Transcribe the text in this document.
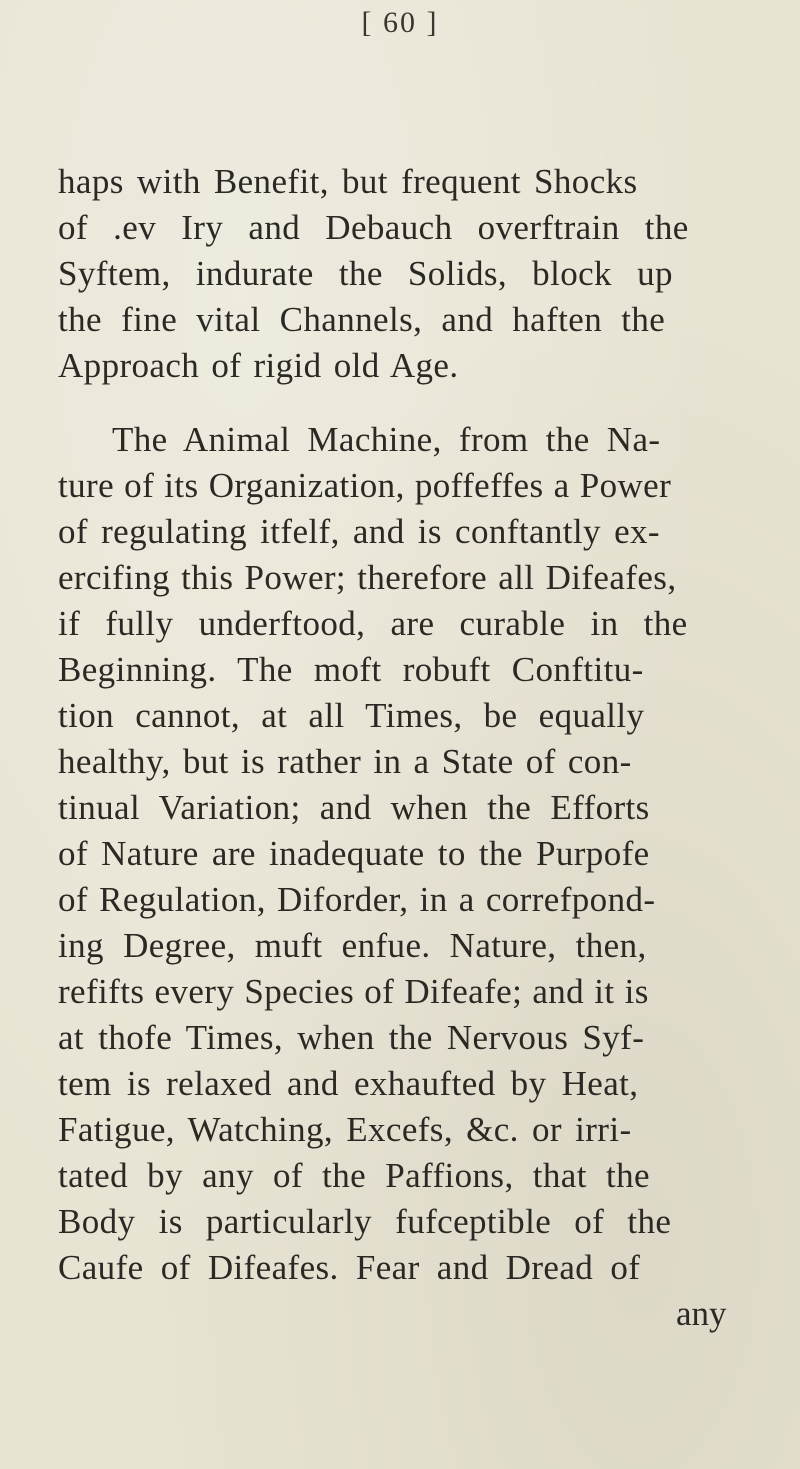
[ 60 ]
haps with Benefit, but frequent Shocks
of .ev Iry and Debauch overftrain the
Syftem, indurate the Solids, block up
the fine vital Channels, and haften the
Approach of rigid old Age.
The Animal Machine, from the Na-
ture of its Organization, poffeffes a Power
of regulating itfelf, and is conftantly ex-
ercifing this Power; therefore all Difeafes,
if fully underftood, are curable in the
Beginning. The moft robuft Conftitu-
tion cannot, at all Times, be equally
healthy, but is rather in a State of con-
tinual Variation; and when the Efforts
of Nature are inadequate to the Purpofe
of Regulation, Diforder, in a correfpond-
ing Degree, muft enfue. Nature, then,
refifts every Species of Difeafe; and it is
at thofe Times, when the Nervous Syf-
tem is relaxed and exhaufted by Heat,
Fatigue, Watching, Excefs, &c. or irri-
tated by any of the Paffions, that the
Body is particularly fufceptible of the
Caufe of Difeafes. Fear and Dread of
any
